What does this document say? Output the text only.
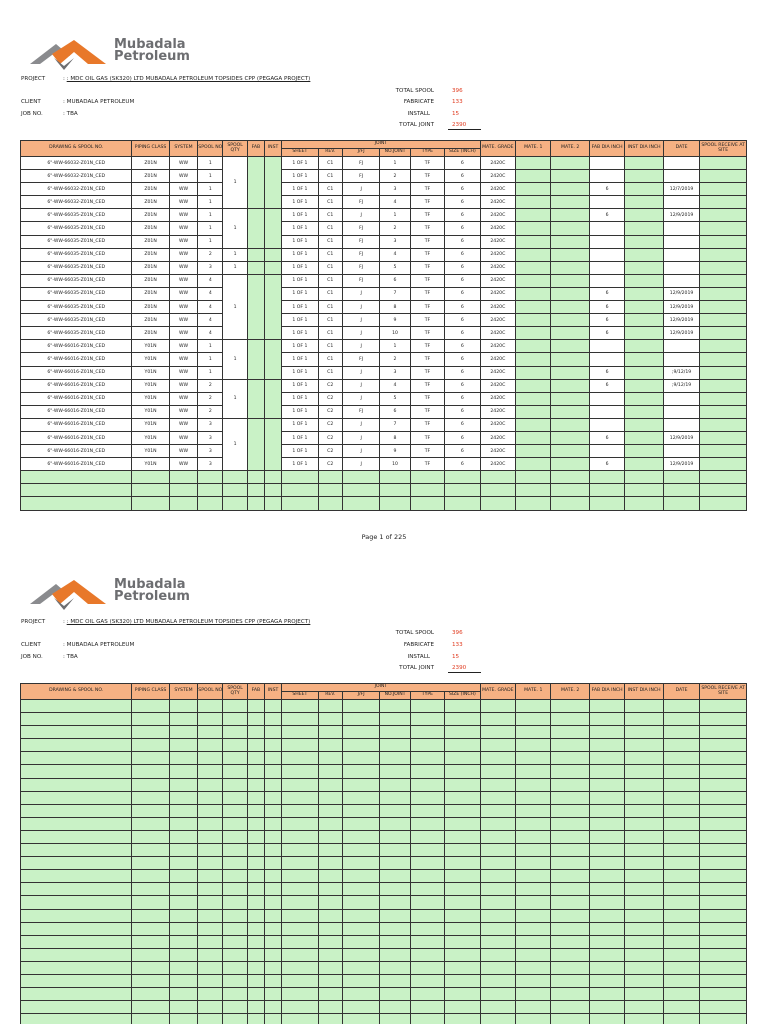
Mubadala
Petroleum
PROJECT	: : MDC OIL GAS (SK320) LTD MUBADALA PETROLEUM TOPSIDES CPP (PEGAGA PROJECT)
CLIENT	: MUBADALA PETROLEUM
JOB NO.	: TBA
TOTAL SPOOL	396
FABRICATE	133
INSTALL	15
TOTAL JOINT	2390
DRAWING & SPOOL NO.	PIPING CLASS	SYSTEM	SPOOL NO	SPOOL QTY	FAB	INST	JOINT						MATE. GRADE	MATE. 1	MATE. 2	FAB DIA INCH	INST DIA INCH	DATE	SPOOL RECEIVE AT SITE
							SHEET	REV.	J/FJ	NO.JOINT	TYPE	SIZE (INCH)							
6"-WW-66032-Z01N_CED	Z01N	WW	1	1			1 OF 1	C1	FJ	1	TF	6	2420C						
6"-WW-66032-Z01N_CED	Z01N	WW	1				1 OF 1	C1	FJ	2	TF	6	2420C						
6"-WW-66032-Z01N_CED	Z01N	WW	1				1 OF 1	C1	J	3	TF	6	2420C			6		12/7/2019	
6"-WW-66032-Z01N_CED	Z01N	WW	1				1 OF 1	C1	FJ	4	TF	6	2420C						
6"-WW-66035-Z01N_CED	Z01N	WW	1	1			1 OF 1	C1	J	1	TF	6	2420C			6		12/9/2019	
6"-WW-66035-Z01N_CED	Z01N	WW	1				1 OF 1	C1	FJ	2	TF	6	2420C						
6"-WW-66035-Z01N_CED	Z01N	WW	1				1 OF 1	C1	FJ	3	TF	6	2420C						
6"-WW-66035-Z01N_CED	Z01N	WW	2	1			1 OF 1	C1	FJ	4	TF	6	2420C						
6"-WW-66035-Z01N_CED	Z01N	WW	3	1			1 OF 1	C1	FJ	5	TF	6	2420C						
6"-WW-66035-Z01N_CED	Z01N	WW	4	1			1 OF 1	C1	FJ	6	TF	6	2420C						
6"-WW-66035-Z01N_CED	Z01N	WW	4				1 OF 1	C1	J	7	TF	6	2420C			6		12/9/2019	
6"-WW-66035-Z01N_CED	Z01N	WW	4				1 OF 1	C1	J	8	TF	6	2420C			6		12/9/2019	
6"-WW-66035-Z01N_CED	Z01N	WW	4				1 OF 1	C1	J	9	TF	6	2420C			6		12/9/2019	
6"-WW-66035-Z01N_CED	Z01N	WW	4				1 OF 1	C1	J	10	TF	6	2420C			6		12/9/2019	
6"-WW-66016-Z01N_CED	Y01N	WW	1	1			1 OF 1	C1	J	1	TF	6	2420C						
6"-WW-66016-Z01N_CED	Y01N	WW	1				1 OF 1	C1	FJ	2	TF	6	2420C						
6"-WW-66016-Z01N_CED	Y01N	WW	1				1 OF 1	C1	J	3	TF	6	2420C			6		;9/12/19	
6"-WW-66016-Z01N_CED	Y01N	WW	2	1			1 OF 1	C2	J	4	TF	6	2420C			6		;9/12/19	
6"-WW-66016-Z01N_CED	Y01N	WW	2				1 OF 1	C2	J	5	TF	6	2420C						
6"-WW-66016-Z01N_CED	Y01N	WW	2				1 OF 1	C2	FJ	6	TF	6	2420C						
6"-WW-66016-Z01N_CED	Y01N	WW	3	1			1 OF 1	C2	J	7	TF	6	2420C						
6"-WW-66016-Z01N_CED	Y01N	WW	3				1 OF 1	C2	J	8	TF	6	2420C			6		12/9/2019	
6"-WW-66016-Z01N_CED	Y01N	WW	3				1 OF 1	C2	J	9	TF	6	2420C						
6"-WW-66016-Z01N_CED	Y01N	WW	3				1 OF 1	C2	J	10	TF	6	2420C			6		12/9/2019	

Page 1 of 225
Mubadala
Petroleum
PROJECT	: : MDC OIL GAS (SK320) LTD MUBADALA PETROLEUM TOPSIDES CPP (PEGAGA PROJECT)
CLIENT	: MUBADALA PETROLEUM
JOB NO.	: TBA
TOTAL SPOOL	396
FABRICATE	133
INSTALL	15
TOTAL JOINT	2390
DRAWING & SPOOL NO.	PIPING CLASS	SYSTEM	SPOOL NO	SPOOL QTY	FAB	INST	JOINT						MATE. GRADE	MATE. 1	MATE. 2	FAB DIA INCH	INST DIA INCH	DATE	SPOOL RECEIVE AT SITE
							SHEET	REV.	J/FJ	NO.JOINT	TYPE	SIZE (INCH)							
